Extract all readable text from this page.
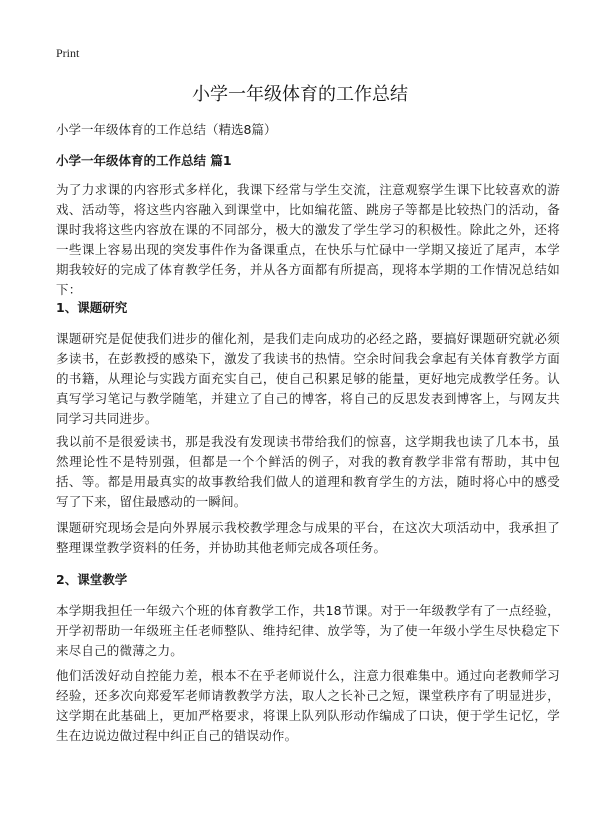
Print
小学一年级体育的工作总结

小学一年级体育的工作总结（精选8篇）

小学一年级体育的工作总结 篇1

为了力求课的内容形式多样化，我课下经常与学生交流，注意观察学生课下比较喜欢的游戏、活动等，将这些内容融入到课堂中，比如编花篮、跳房子等都是比较热门的活动，备课时我将这些内容放在课的不同部分，极大的激发了学生学习的积极性。除此之外，还将一些课上容易出现的突发事件作为备课重点，在快乐与忙碌中一学期又接近了尾声，本学期我较好的完成了体育教学任务，并从各方面都有所提高，现将本学期的工作情况总结如下：

1、课题研究

课题研究是促使我们进步的催化剂，是我们走向成功的必经之路，要搞好课题研究就必须多读书，在彭教授的感染下，激发了我读书的热情。空余时间我会拿起有关体育教学方面的书籍，从理论与实践方面充实自己，使自己积累足够的能量，更好地完成教学任务。认真写学习笔记与教学随笔，并建立了自己的博客，将自己的反思发表到博客上，与网友共同学习共同进步。

我以前不是很爱读书，那是我没有发现读书带给我们的惊喜，这学期我也读了几本书，虽然理论性不是特别强，但都是一个个鲜活的例子，对我的教育教学非常有帮助，其中包括、等。都是用最真实的故事教给我们做人的道理和教育学生的方法，随时将心中的感受写了下来，留住最感动的一瞬间。

课题研究现场会是向外界展示我校教学理念与成果的平台，在这次大项活动中，我承担了整理课堂教学资料的任务，并协助其他老师完成各项任务。

2、课堂教学

本学期我担任一年级六个班的体育教学工作，共18节课。对于一年级教学有了一点经验，开学初帮助一年级班主任老师整队、维持纪律、放学等，为了使一年级小学生尽快稳定下来尽自己的微薄之力。

他们活泼好动自控能力差，根本不在乎老师说什么，注意力很难集中。通过向老教师学习经验，还多次向郑爱军老师请教教学方法，取人之长补己之短，课堂秩序有了明显进步，这学期在此基础上，更加严格要求，将课上队列队形动作编成了口诀，便于学生记忆，学生在边说边做过程中纠正自己的错误动作。
